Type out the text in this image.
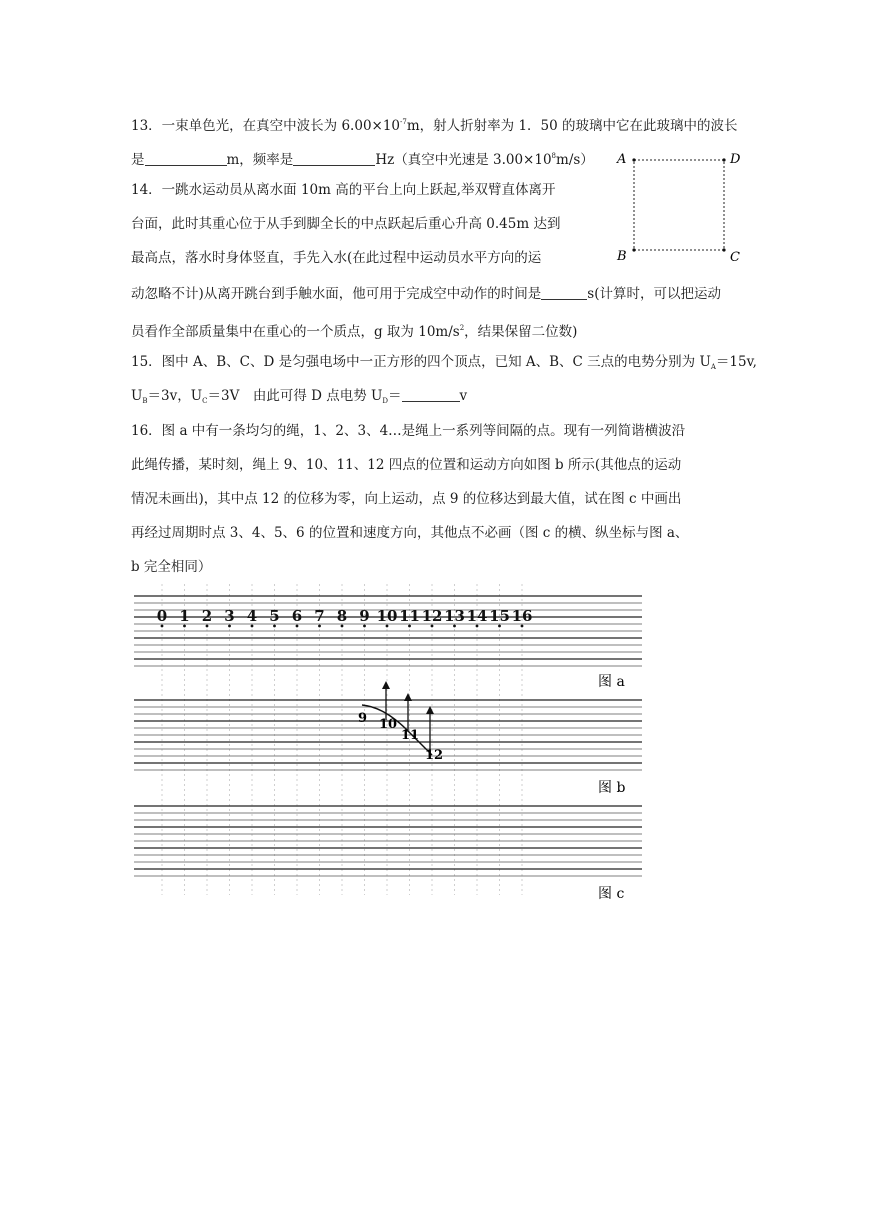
13．一束单色光，在真空中波长为 $6.00\times 10^{-7}m$，射人折射率为 1．50 的玻璃中它在此玻璃中的波长
是	m，频率是	Hz（真空中光速是 $3.00\times 10^8m/s$） A	D
B	C
14．一跳水运动员从离水面 10m 高的平台上向上跃起,举双臂直体离开
台面，此时其重心位于从手到脚全长的中点跃起后重心升高 0.45m 达到
最高点，落水时身体竖直，手先入水(在此过程中运动员水平方向的运
动忽略不计)从离开跳台到手触水面，他可用于完成空中动作的时间是	s(计算时，可以把运动
员看作全部质量集中在重心的一个质点，g 取为 $10m/s^2$，结果保留二位数)
15．图中 A、B、C、D 是匀强电场中一正方形的四个顶点，已知 A、B、C 三点的电势分别为 $U_A=15v$,
$U_B=3v$，$U_C=3V$　由此可得 D 点电势 $U_D=$	v
16．图 a 中有一条均匀的绳，1、2、3、4…是绳上一系列等间隔的点。现有一列简谐横波沿
此绳传播，某时刻，绳上 9、10、11、12 四点的位置和运动方向如图 b 所示(其他点的运动
情况未画出)，其中点 12 的位移为零，向上运动，点 9 的位移达到最大值，试在图 c 中画出
再经过周期时点 3、4、5、6 的位置和速度方向，其他点不必画（图 c 的横、纵坐标与图 a、
b 完全相同）
0 1 2 3 4 5 6 7 8 9 10 11 12 13 14 15 16
9 10
11
12
图 a
图 b
图 c
